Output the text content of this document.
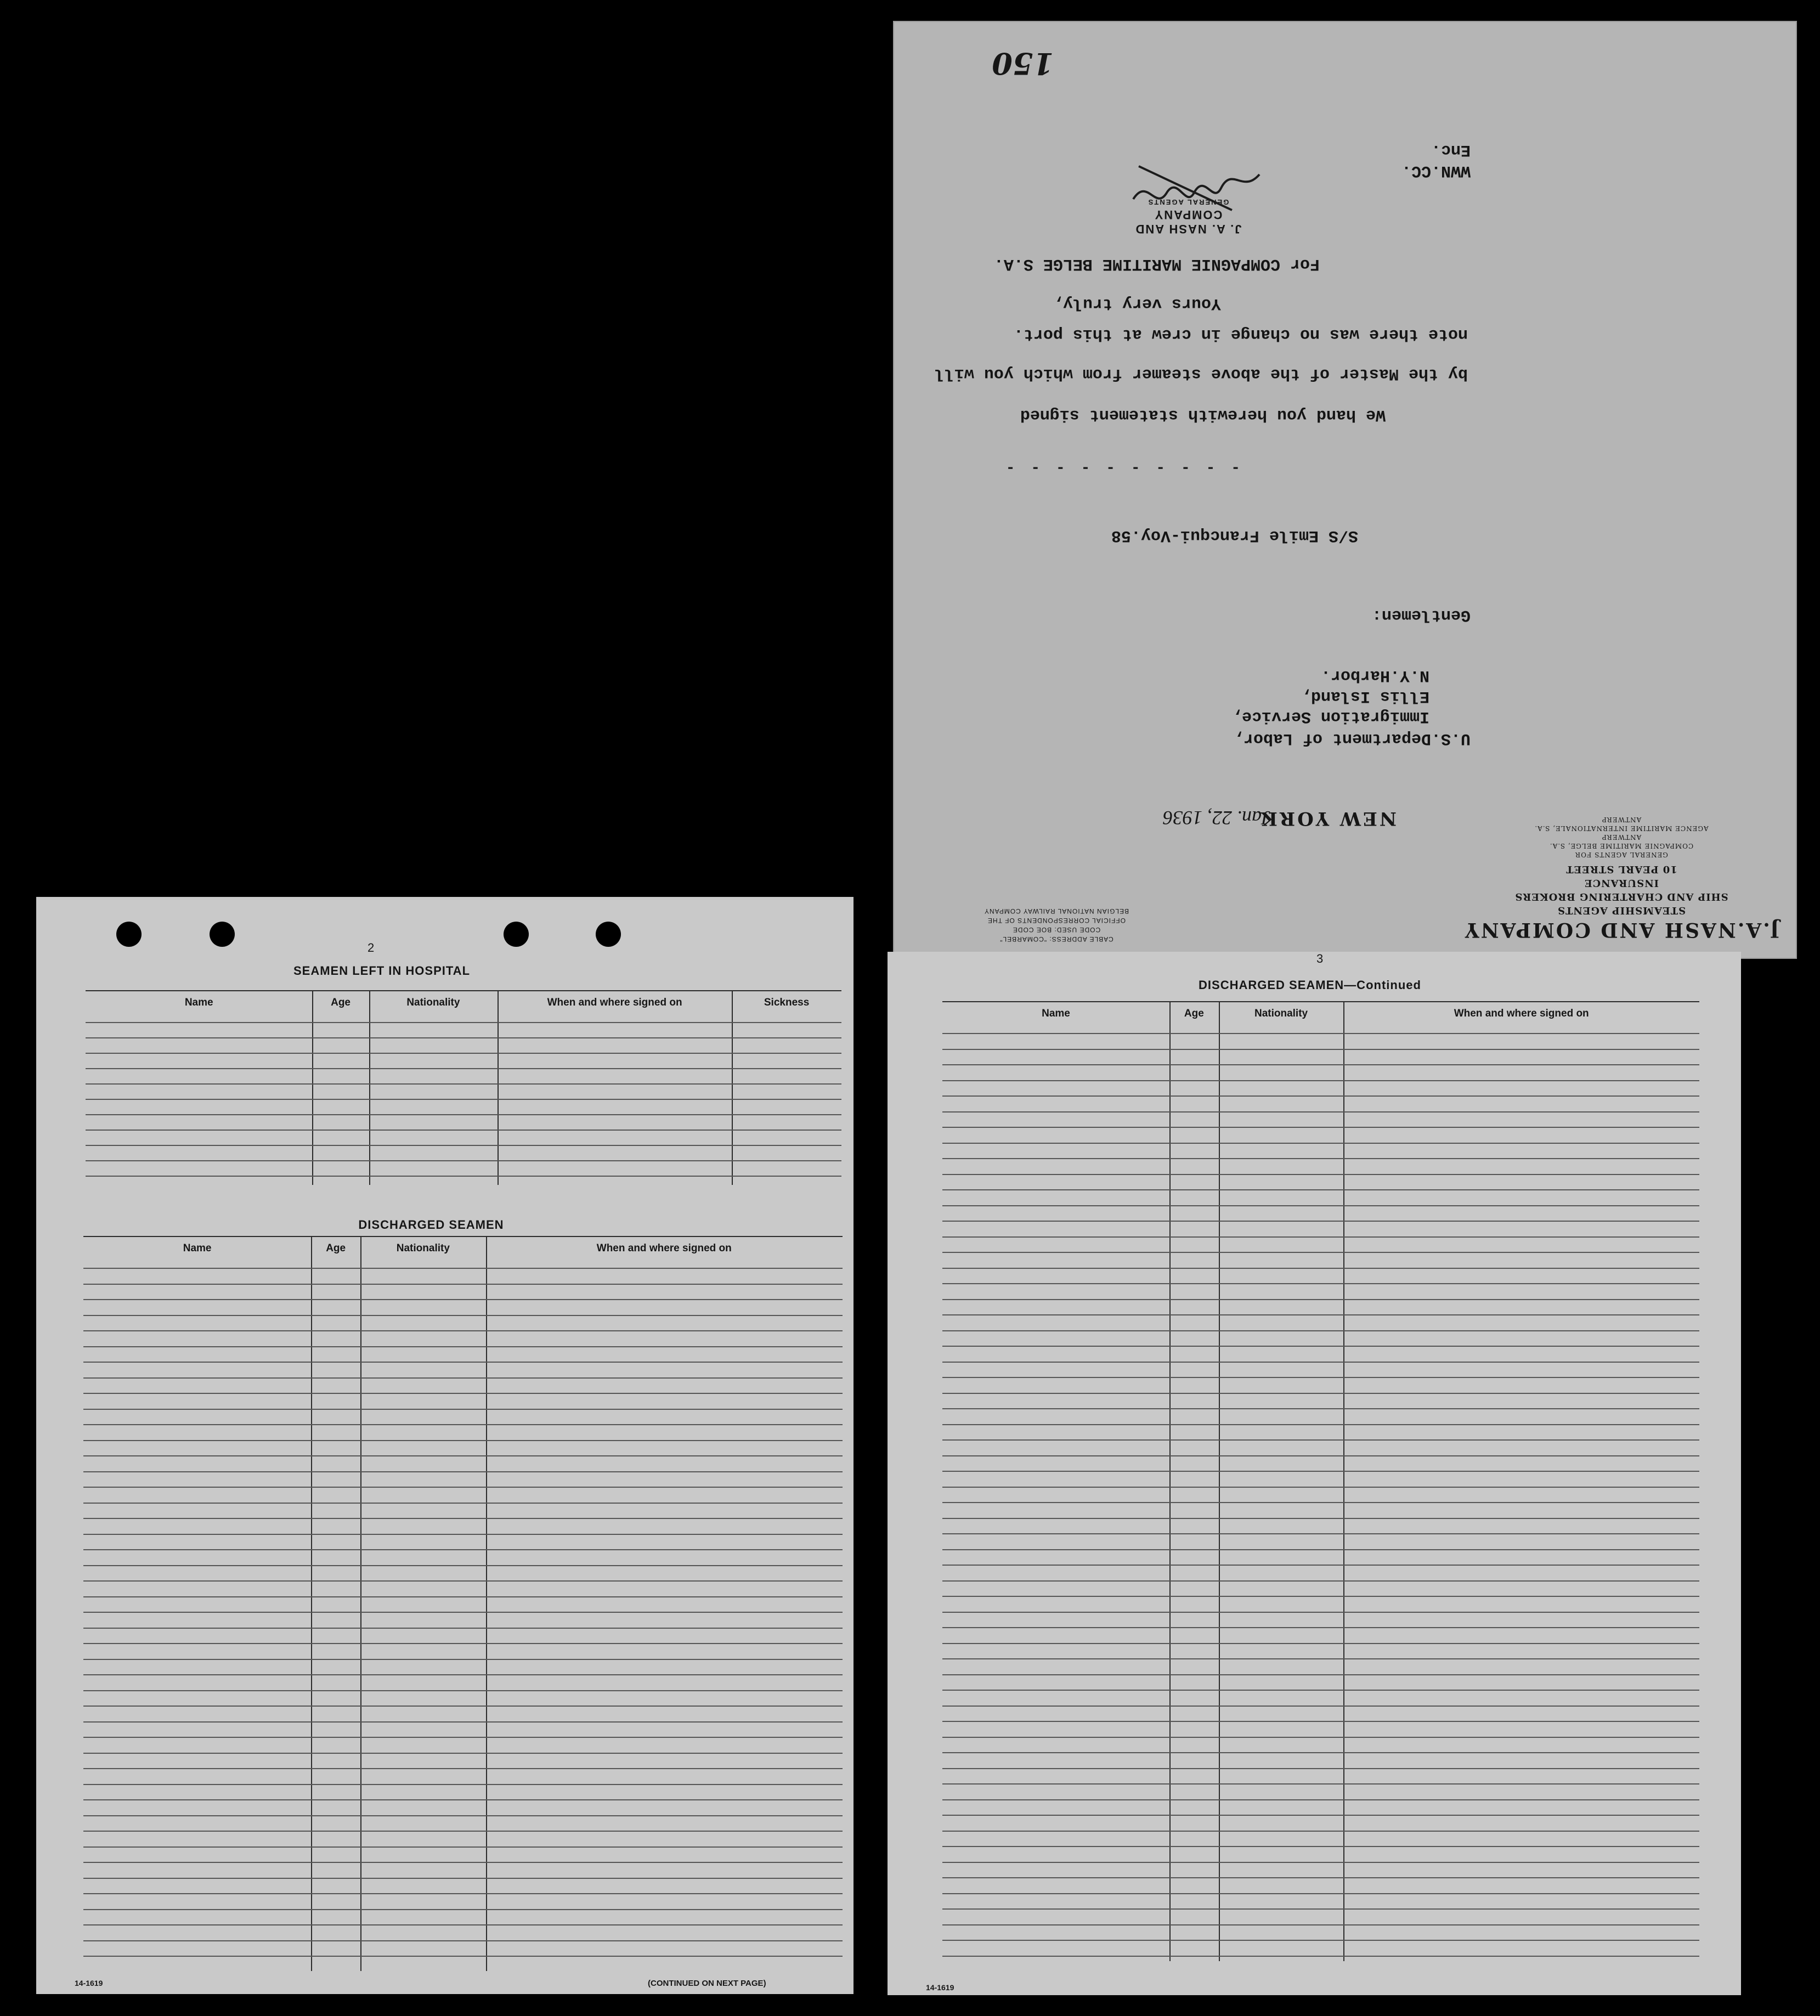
J.A.NASH AND COMPANY
STEAMSHIP AGENTS
SHIP AND CHARTERING BROKERS
INSURANCE
10 PEARL STREET
GENERAL AGENTS FOR
COMPAGNIE MARITIME BELGE, S.A.
ANTWERP
AGENCE MARITIME INTERNATIONALE, S.A.
ANTWERP
CABLE ADDRESS: "COMARBEL"
CODE USED: BOE CODE
OFFICIAL CORRESPONDENTS OF THE
BELGIAN NATIONAL RAILWAY COMPANY
NEW YORK
Jan. 22, 1936
U.S.Department of Labor,
Immigration Service,
Ellis Island,
N.Y.Harbor.
Gentlemen:
S/S Emile Francqui-Voy.58
- - - - - - - - - -
We hand you herewith statement signed
by the Master of the above steamer from which you will
note there was no change in crew at this port.
Yours very truly,
For COMPAGNIE MARITIME BELGE S.A.
J. A. NASH AND COMPANY
GENERAL AGENTS
WWN.CC.
Enc.
150
2
SEAMEN LEFT IN HOSPITAL
Name	Age	Nationality	When and where signed on	Sickness
DISCHARGED SEAMEN
Name	Age	Nationality	When and where signed on
14-1619	(CONTINUED ON NEXT PAGE)
3
DISCHARGED SEAMEN—Continued
Name	Age	Nationality	When and where signed on
14-1619
